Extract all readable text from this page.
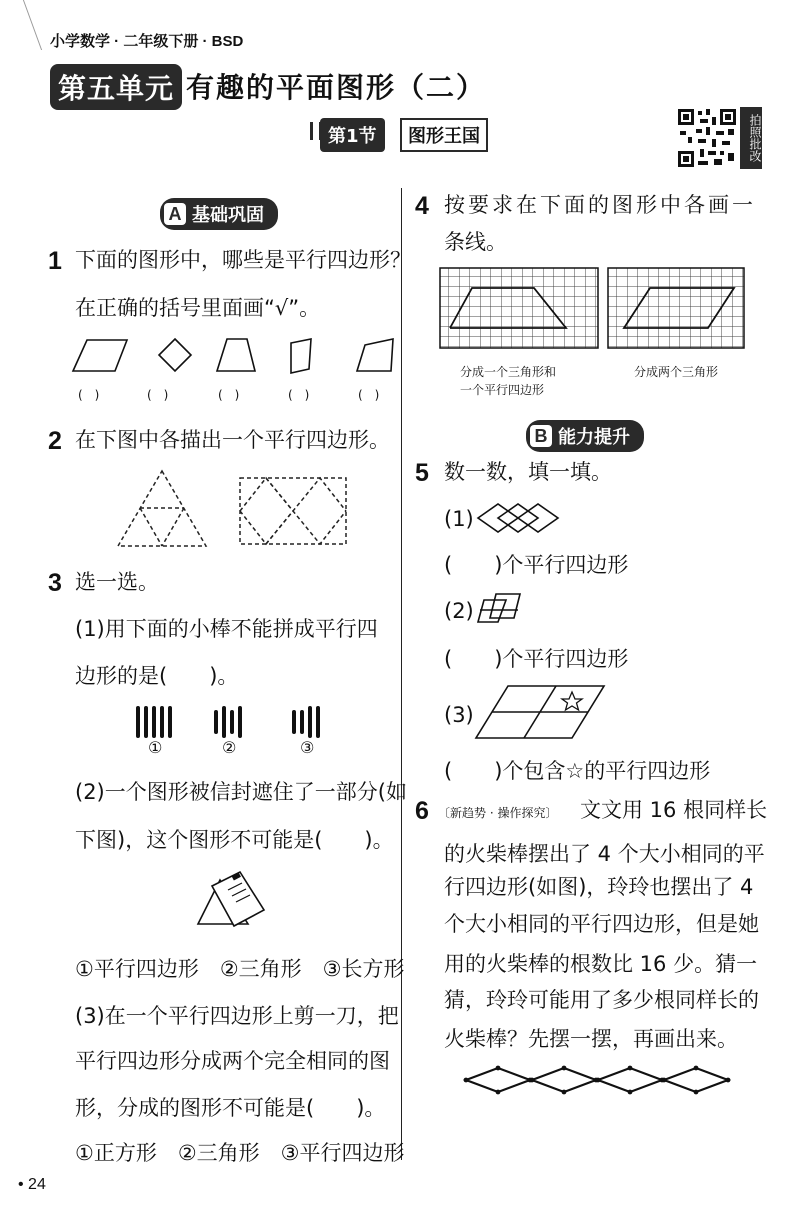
小学数学 · 二年级下册 · BSD
第五单元 有趣的平面图形（二）
第1节	图形王国	拍照批改
A 基础巩固
1 下面的图形中，哪些是平行四边形？
在正确的括号里面画“√”。
(　)	(　)	(　)	(　)	(　)
2 在下图中各描出一个平行四边形。
3 选一选。
(1)用下面的小棒不能拼成平行四
边形的是(　　)。
①	②	③
(2)一个图形被信封遮住了一部分(如
下图)，这个图形不可能是(　　)。
①平行四边形　②三角形　③长方形
(3)在一个平行四边形上剪一刀，把
平行四边形分成两个完全相同的图
形，分成的图形不可能是(　　)。
①正方形　②三角形　③平行四边形
• 24
4 按要求在下面的图形中各画一
条线。
分成一个三角形和
一个平行四边形
分成两个三角形
B 能力提升
5 数一数，填一填。
(1)
(　　)个平行四边形
(2)
(　　)个平行四边形
(3)
(　　)个包含☆的平行四边形
6 〔新趋势 · 操作探究〕 文文用 16 根同样长
的火柴棒摆出了 4 个大小相同的平
行四边形(如图)，玲玲也摆出了 4
个大小相同的平行四边形，但是她
用的火柴棒的根数比 16 少。猜一
猜，玲玲可能用了多少根同样长的
火柴棒？先摆一摆，再画出来。
